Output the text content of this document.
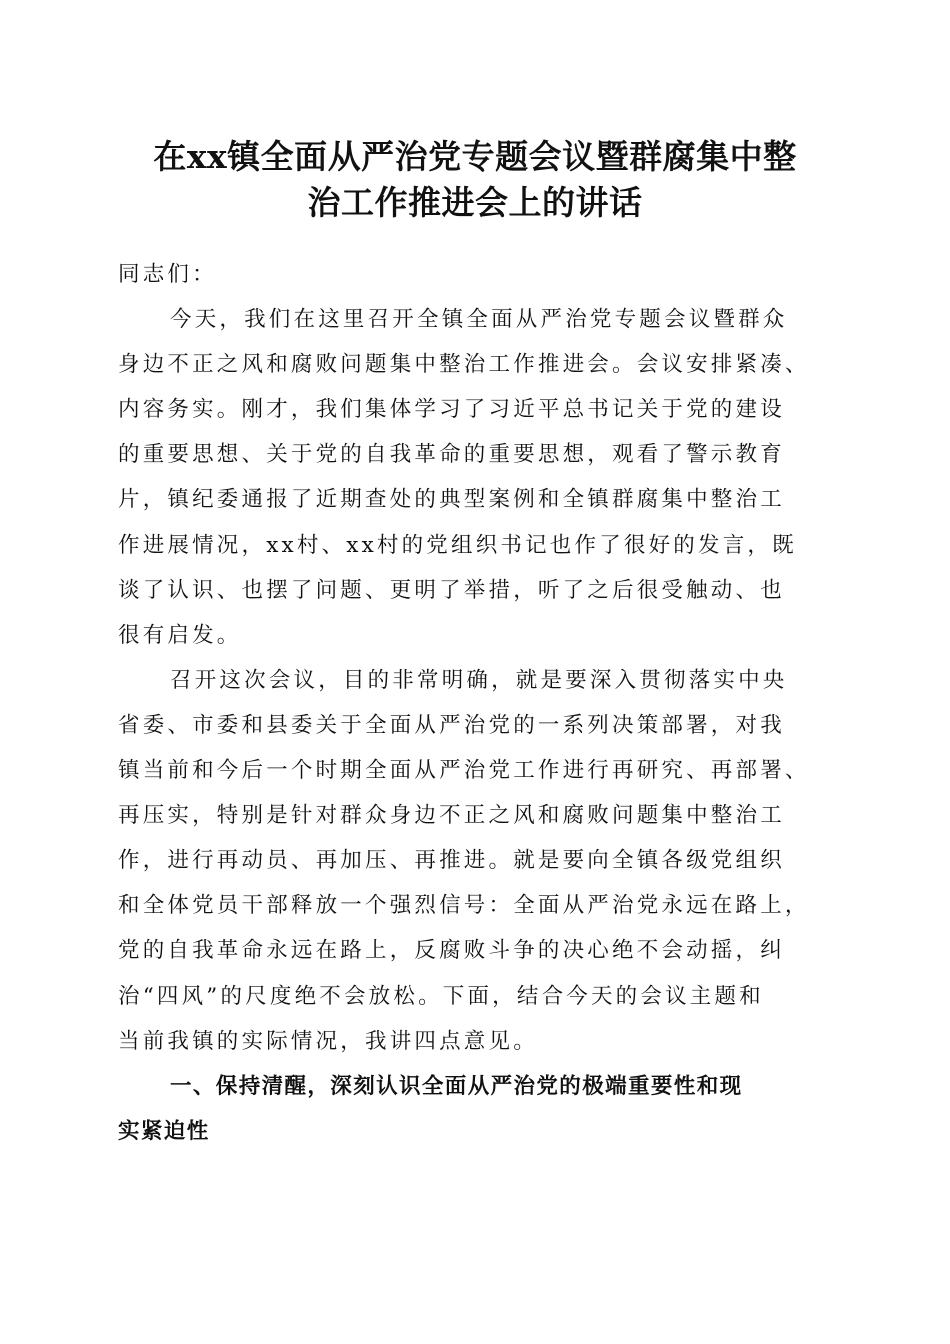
在xx镇全面从严治党专题会议暨群腐集中整
治工作推进会上的讲话
同志们：
今天，我们在这里召开全镇全面从严治党专题会议暨群众
身边不正之风和腐败问题集中整治工作推进会。会议安排紧凑、
内容务实。刚才，我们集体学习了习近平总书记关于党的建设
的重要思想、关于党的自我革命的重要思想，观看了警示教育
片，镇纪委通报了近期查处的典型案例和全镇群腐集中整治工
作进展情况，xx村、xx村的党组织书记也作了很好的发言，既
谈了认识、也摆了问题、更明了举措，听了之后很受触动、也
很有启发。
召开这次会议，目的非常明确，就是要深入贯彻落实中央
省委、市委和县委关于全面从严治党的一系列决策部署，对我
镇当前和今后一个时期全面从严治党工作进行再研究、再部署、
再压实，特别是针对群众身边不正之风和腐败问题集中整治工
作，进行再动员、再加压、再推进。就是要向全镇各级党组织
和全体党员干部释放一个强烈信号：全面从严治党永远在路上，
党的自我革命永远在路上，反腐败斗争的决心绝不会动摇，纠
治“四风”的尺度绝不会放松。下面，结合今天的会议主题和
当前我镇的实际情况，我讲四点意见。
一、保持清醒，深刻认识全面从严治党的极端重要性和现
实紧迫性
